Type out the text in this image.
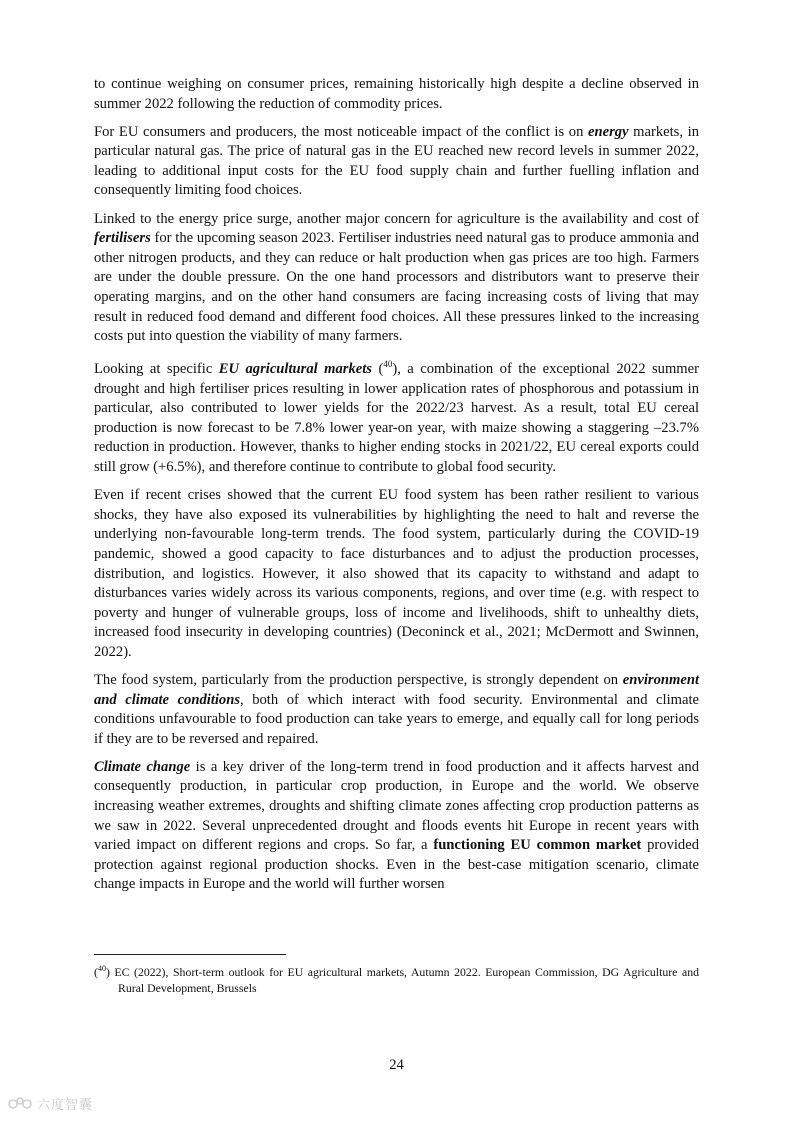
to continue weighing on consumer prices, remaining historically high despite a decline observed in summer 2022 following the reduction of commodity prices.

For EU consumers and producers, the most noticeable impact of the conflict is on energy markets, in particular natural gas. The price of natural gas in the EU reached new record levels in summer 2022, leading to additional input costs for the EU food supply chain and further fuelling inflation and consequently limiting food choices.

Linked to the energy price surge, another major concern for agriculture is the availability and cost of fertilisers for the upcoming season 2023. Fertiliser industries need natural gas to produce ammonia and other nitrogen products, and they can reduce or halt production when gas prices are too high. Farmers are under the double pressure. On the one hand processors and distributors want to preserve their operating margins, and on the other hand consumers are facing increasing costs of living that may result in reduced food demand and different food choices. All these pressures linked to the increasing costs put into question the viability of many farmers.

Looking at specific EU agricultural markets ($^{40}$), a combination of the exceptional 2022 summer drought and high fertiliser prices resulting in lower application rates of phosphorous and potassium in particular, also contributed to lower yields for the 2022/23 harvest. As a result, total EU cereal production is now forecast to be 7.8% lower year-on year, with maize showing a staggering –23.7% reduction in production. However, thanks to higher ending stocks in 2021/22, EU cereal exports could still grow (+6.5%), and therefore continue to contribute to global food security.

Even if recent crises showed that the current EU food system has been rather resilient to various shocks, they have also exposed its vulnerabilities by highlighting the need to halt and reverse the underlying non-favourable long-term trends. The food system, particularly during the COVID-19 pandemic, showed a good capacity to face disturbances and to adjust the production processes, distribution, and logistics. However, it also showed that its capacity to withstand and adapt to disturbances varies widely across its various components, regions, and over time (e.g. with respect to poverty and hunger of vulnerable groups, loss of income and livelihoods, shift to unhealthy diets, increased food insecurity in developing countries) (Deconinck et al., 2021; McDermott and Swinnen, 2022).

The food system, particularly from the production perspective, is strongly dependent on environment and climate conditions, both of which interact with food security. Environmental and climate conditions unfavourable to food production can take years to emerge, and equally call for long periods if they are to be reversed and repaired.

Climate change is a key driver of the long-term trend in food production and it affects harvest and consequently production, in particular crop production, in Europe and the world. We observe increasing weather extremes, droughts and shifting climate zones affecting crop production patterns as we saw in 2022. Several unprecedented drought and floods events hit Europe in recent years with varied impact on different regions and crops. So far, a functioning EU common market provided protection against regional production shocks. Even in the best-case mitigation scenario, climate change impacts in Europe and the world will further worsen

($^{40}$) EC (2022), Short-term outlook for EU agricultural markets, Autumn 2022. European Commission, DG Agriculture and Rural Development, Brussels
24
六度智囊
